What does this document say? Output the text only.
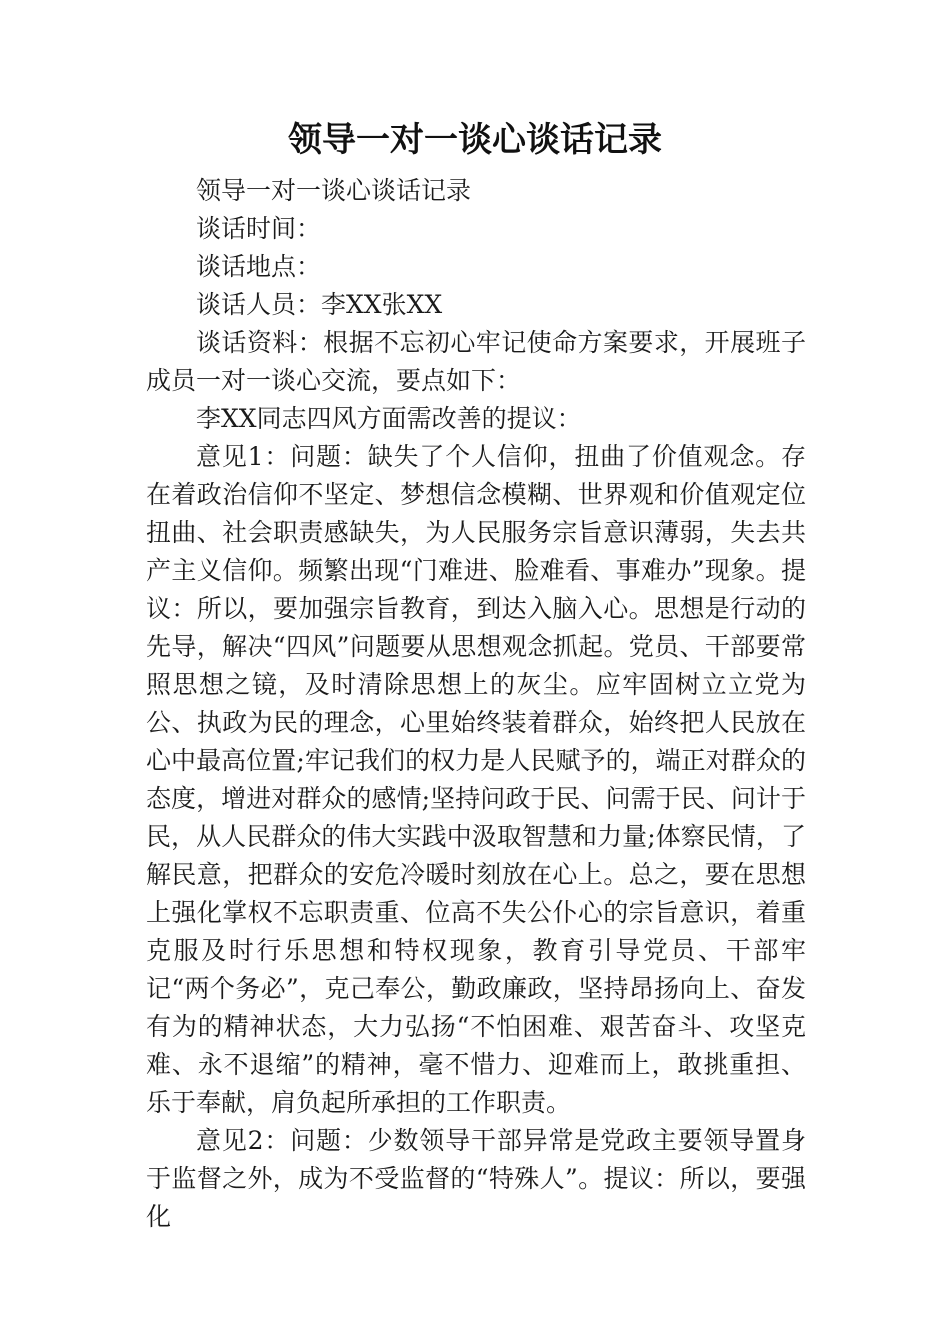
领导一对一谈心谈话记录

领导一对一谈心谈话记录

谈话时间：

谈话地点：

谈话人员：李XX张XX

谈话资料：根据不忘初心牢记使命方案要求，开展班子成员一对一谈心交流，要点如下：

李XX同志四风方面需改善的提议：

意见1：问题：缺失了个人信仰，扭曲了价值观念。存在着政治信仰不坚定、梦想信念模糊、世界观和价值观定位扭曲、社会职责感缺失，为人民服务宗旨意识薄弱，失去共产主义信仰。频繁出现“门难进、脸难看、事难办”现象。提议：所以，要加强宗旨教育，到达入脑入心。思想是行动的先导，解决“四风”问题要从思想观念抓起。党员、干部要常照思想之镜，及时清除思想上的灰尘。应牢固树立立党为公、执政为民的理念，心里始终装着群众，始终把人民放在心中最高位置;牢记我们的权力是人民赋予的，端正对群众的态度，增进对群众的感情;坚持问政于民、问需于民、问计于民，从人民群众的伟大实践中汲取智慧和力量;体察民情，了解民意，把群众的安危冷暖时刻放在心上。总之，要在思想上强化掌权不忘职责重、位高不失公仆心的宗旨意识，着重克服及时行乐思想和特权现象，教育引导党员、干部牢记“两个务必”，克己奉公，勤政廉政，坚持昂扬向上、奋发有为的精神状态，大力弘扬“不怕困难、艰苦奋斗、攻坚克难、永不退缩”的精神，毫不惜力、迎难而上，敢挑重担、乐于奉献，肩负起所承担的工作职责。

意见2：问题：少数领导干部异常是党政主要领导置身于监督之外，成为不受监督的“特殊人”。提议：所以，要强化
